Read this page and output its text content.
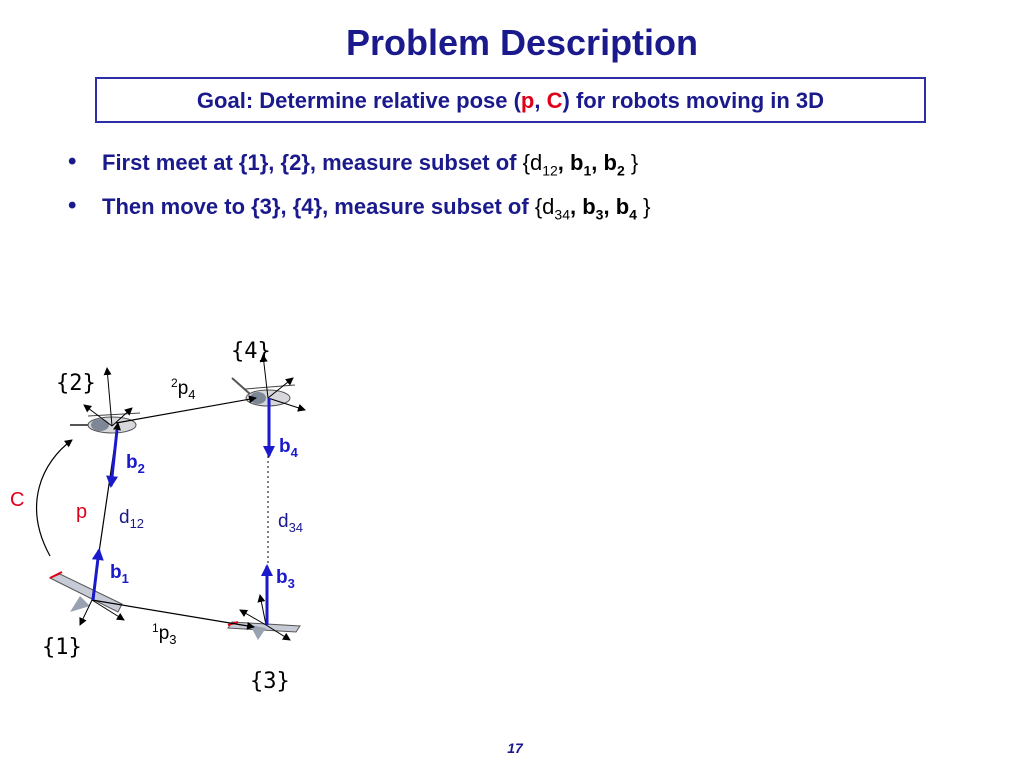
Problem Description
Goal: Determine relative pose (p, C) for robots moving in 3D
• First meet at {1}, {2}, measure subset of {$d_{12}$, $b_1$, $b_2$ }
• Then move to {3}, {4}, measure subset of {$d_{34}$, $b_3$, $b_4$ }
{1}
{2}
{3}
{4}
C
p $d_{12}$	$d_{34}$
$^2p_4$
$^1p_3$
$b_1$
$b_2$
$b_3$
$b_4$
17
